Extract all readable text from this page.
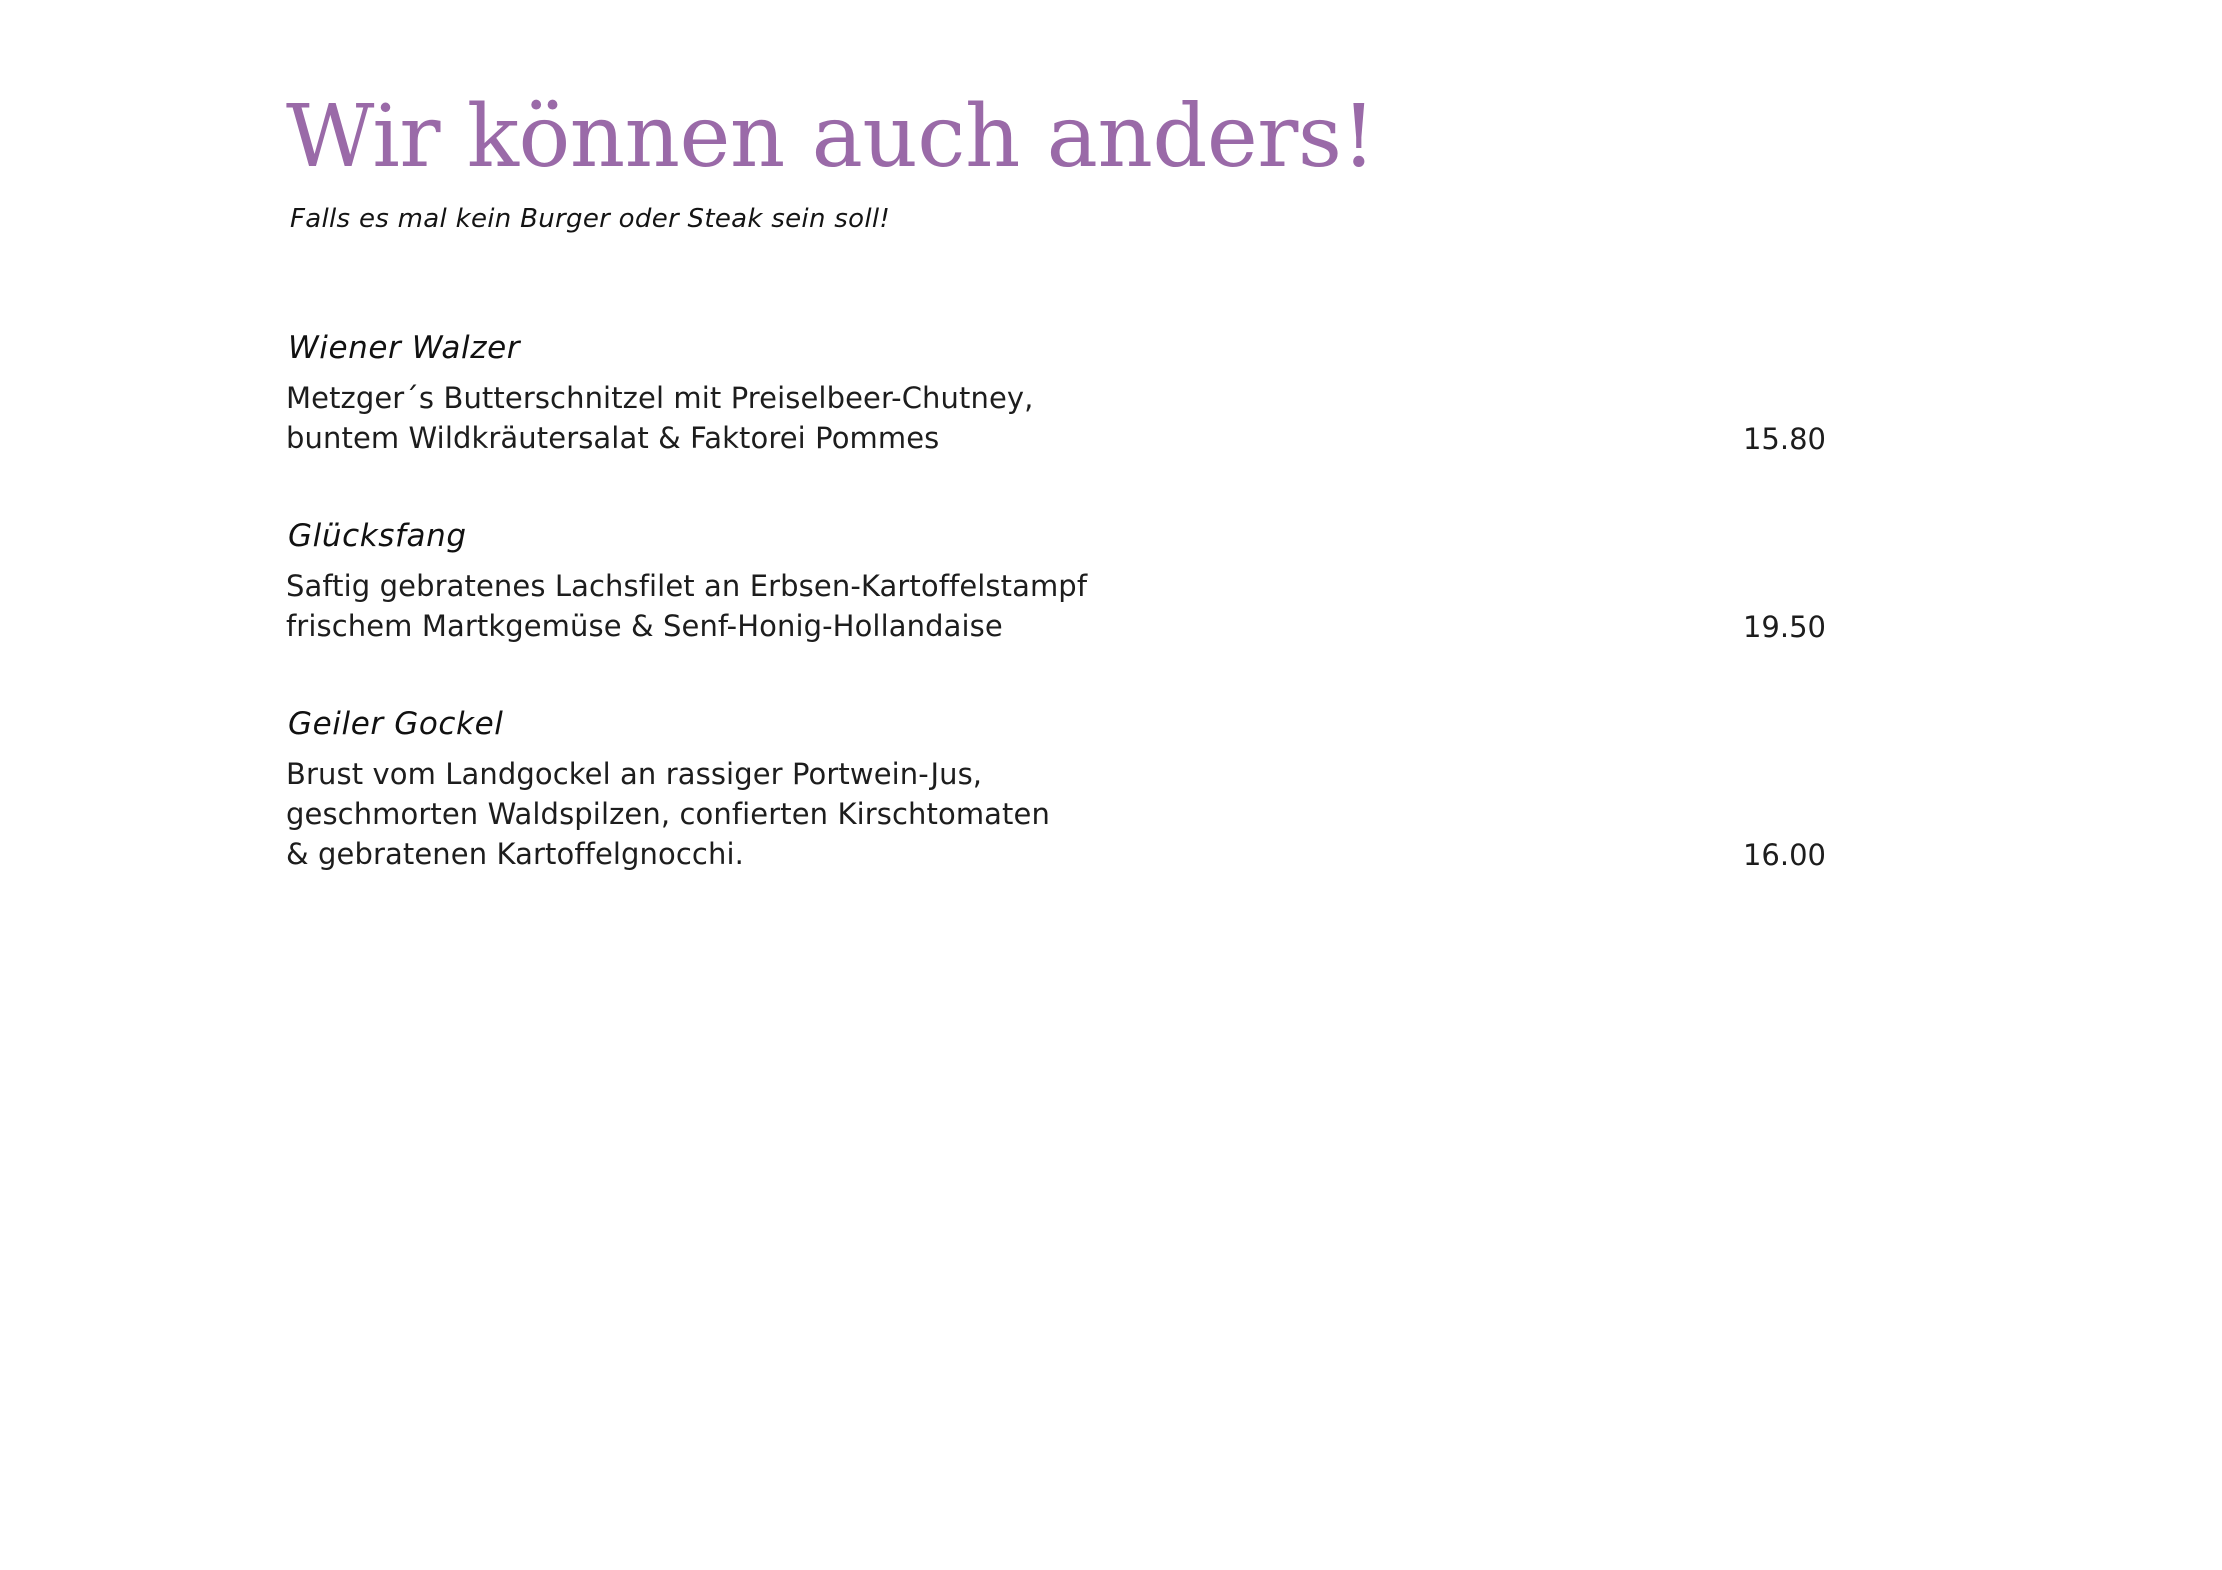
Wir können auch anders!
Falls es mal kein Burger oder Steak sein soll!
Wiener Walzer
Metzger´s Butterschnitzel mit Preiselbeer-Chutney,
buntem Wildkräutersalat & Faktorei Pommes	15.80
Glücksfang
Saftig gebratenes Lachsfilet an Erbsen-Kartoffelstampf
frischem Martkgemüse & Senf-Honig-Hollandaise	19.50
Geiler Gockel
Brust vom Landgockel an rassiger Portwein-Jus,
geschmorten Waldspilzen, confierten Kirschtomaten
& gebratenen Kartoffelgnocchi.	16.00
